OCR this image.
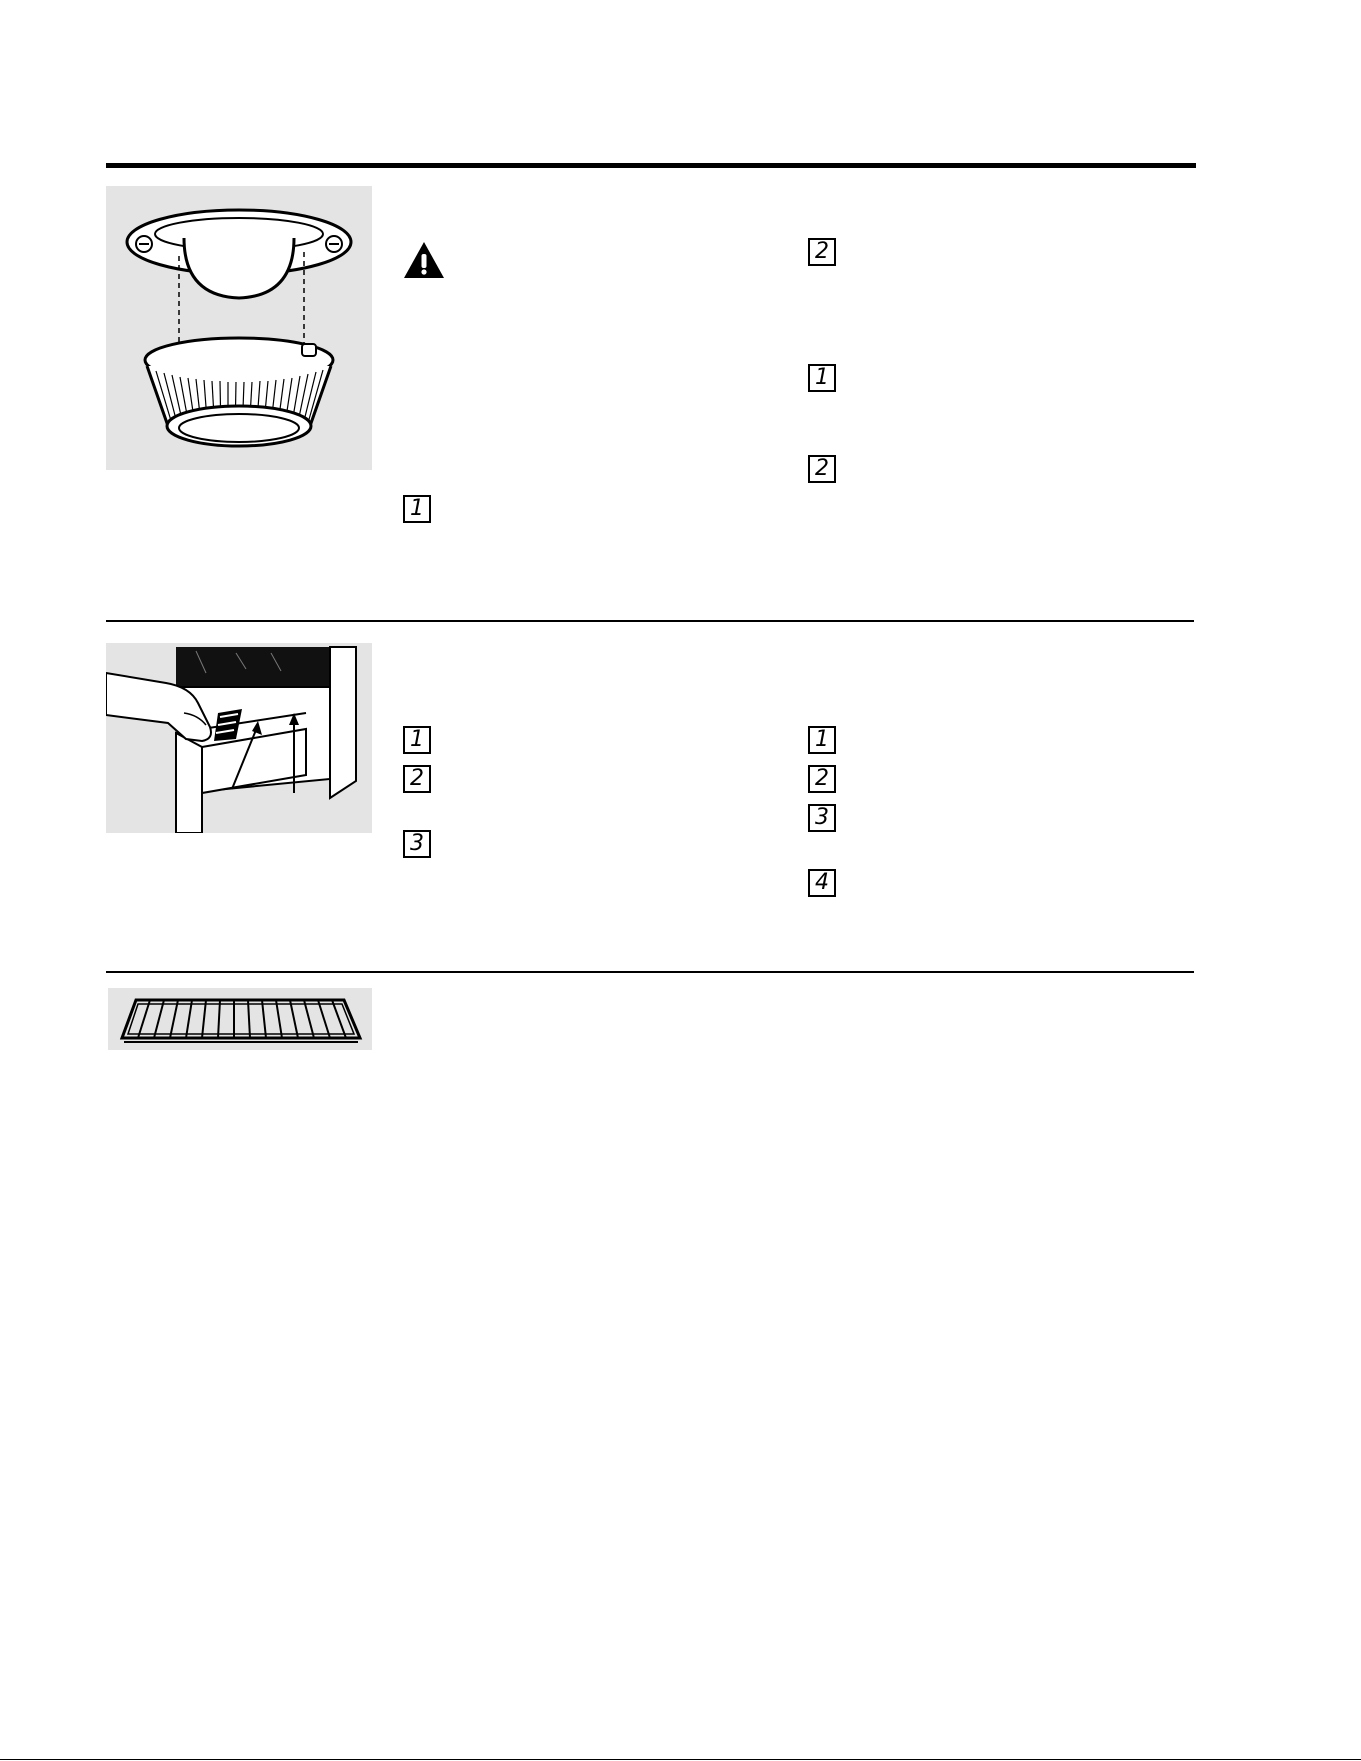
1
2
1
2
1
2
3
1
2
3
4
